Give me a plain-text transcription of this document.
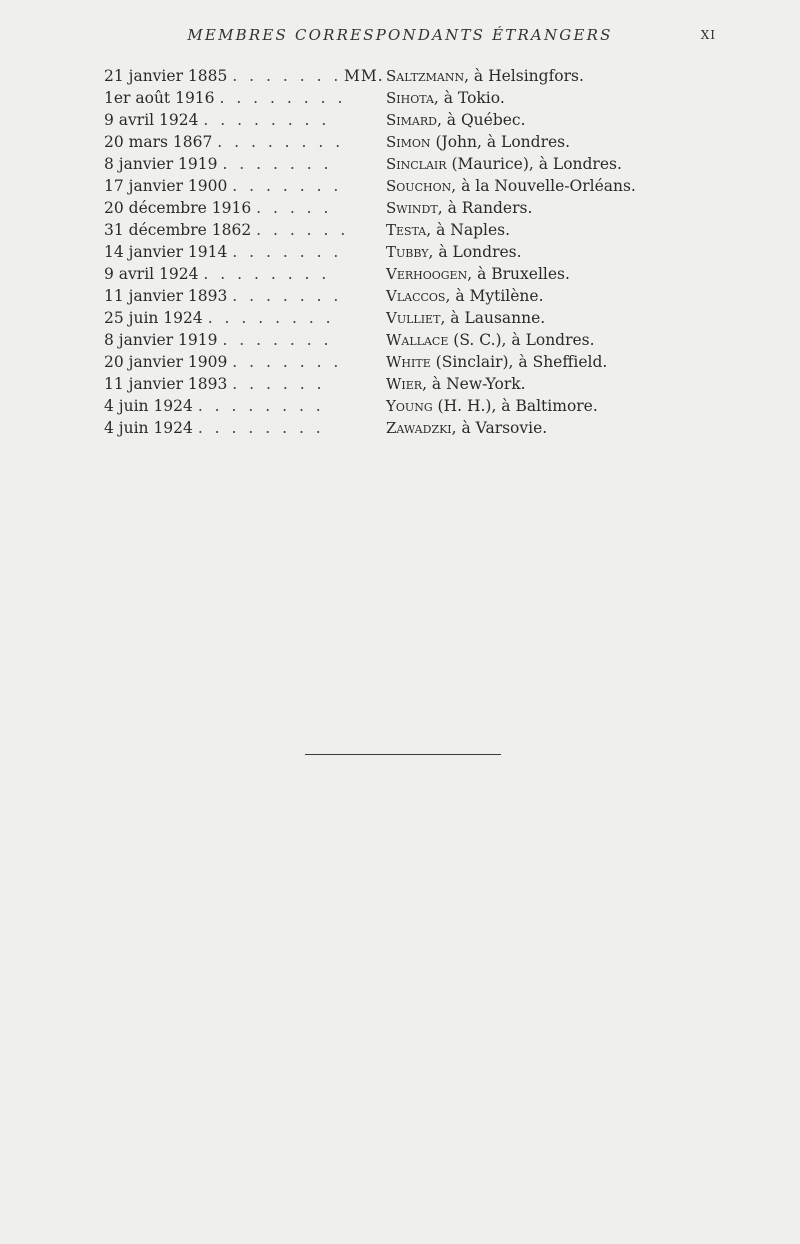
MEMBRES CORRESPONDANTS ÉTRANGERS	XI
21 janvier 1885 . . . . . . . MM. Saltzmann, à Helsingfors.
1er août 1916 . . . . . . . .	Sihota, à Tokio.
9 avril 1924 . . . . . . . .	Simard, à Québec.
20 mars 1867 . . . . . . . .	Simon (John, à Londres.
8 janvier 1919 . . . . . . .	Sinclair (Maurice), à Londres.
17 janvier 1900 . . . . . . .	Souchon, à la Nouvelle-Orléans.
20 décembre 1916 . . . . .	Swindt, à Randers.
31 décembre 1862 . . . . . . Testa, à Naples.
14 janvier 1914 . . . . . . .	Tubby, à Londres.
9 avril 1924 . . . . . . . .	Verhoogen, à Bruxelles.
11 janvier 1893 . . . . . . .	Vlaccos, à Mytilène.
25 juin 1924 . . . . . . . .	Vulliet, à Lausanne.
8 janvier 1919 . . . . . . .	Wallace (S. C.), à Londres.
20 janvier 1909 . . . . . . .	White (Sinclair), à Sheffield.
11 janvier 1893 . . . . . .	Wier, à New-York.
4 juin 1924 . . . . . . . .	Young (H. H.), à Baltimore.
4 juin 1924 . . . . . . . .	Zawadzki, à Varsovie.
